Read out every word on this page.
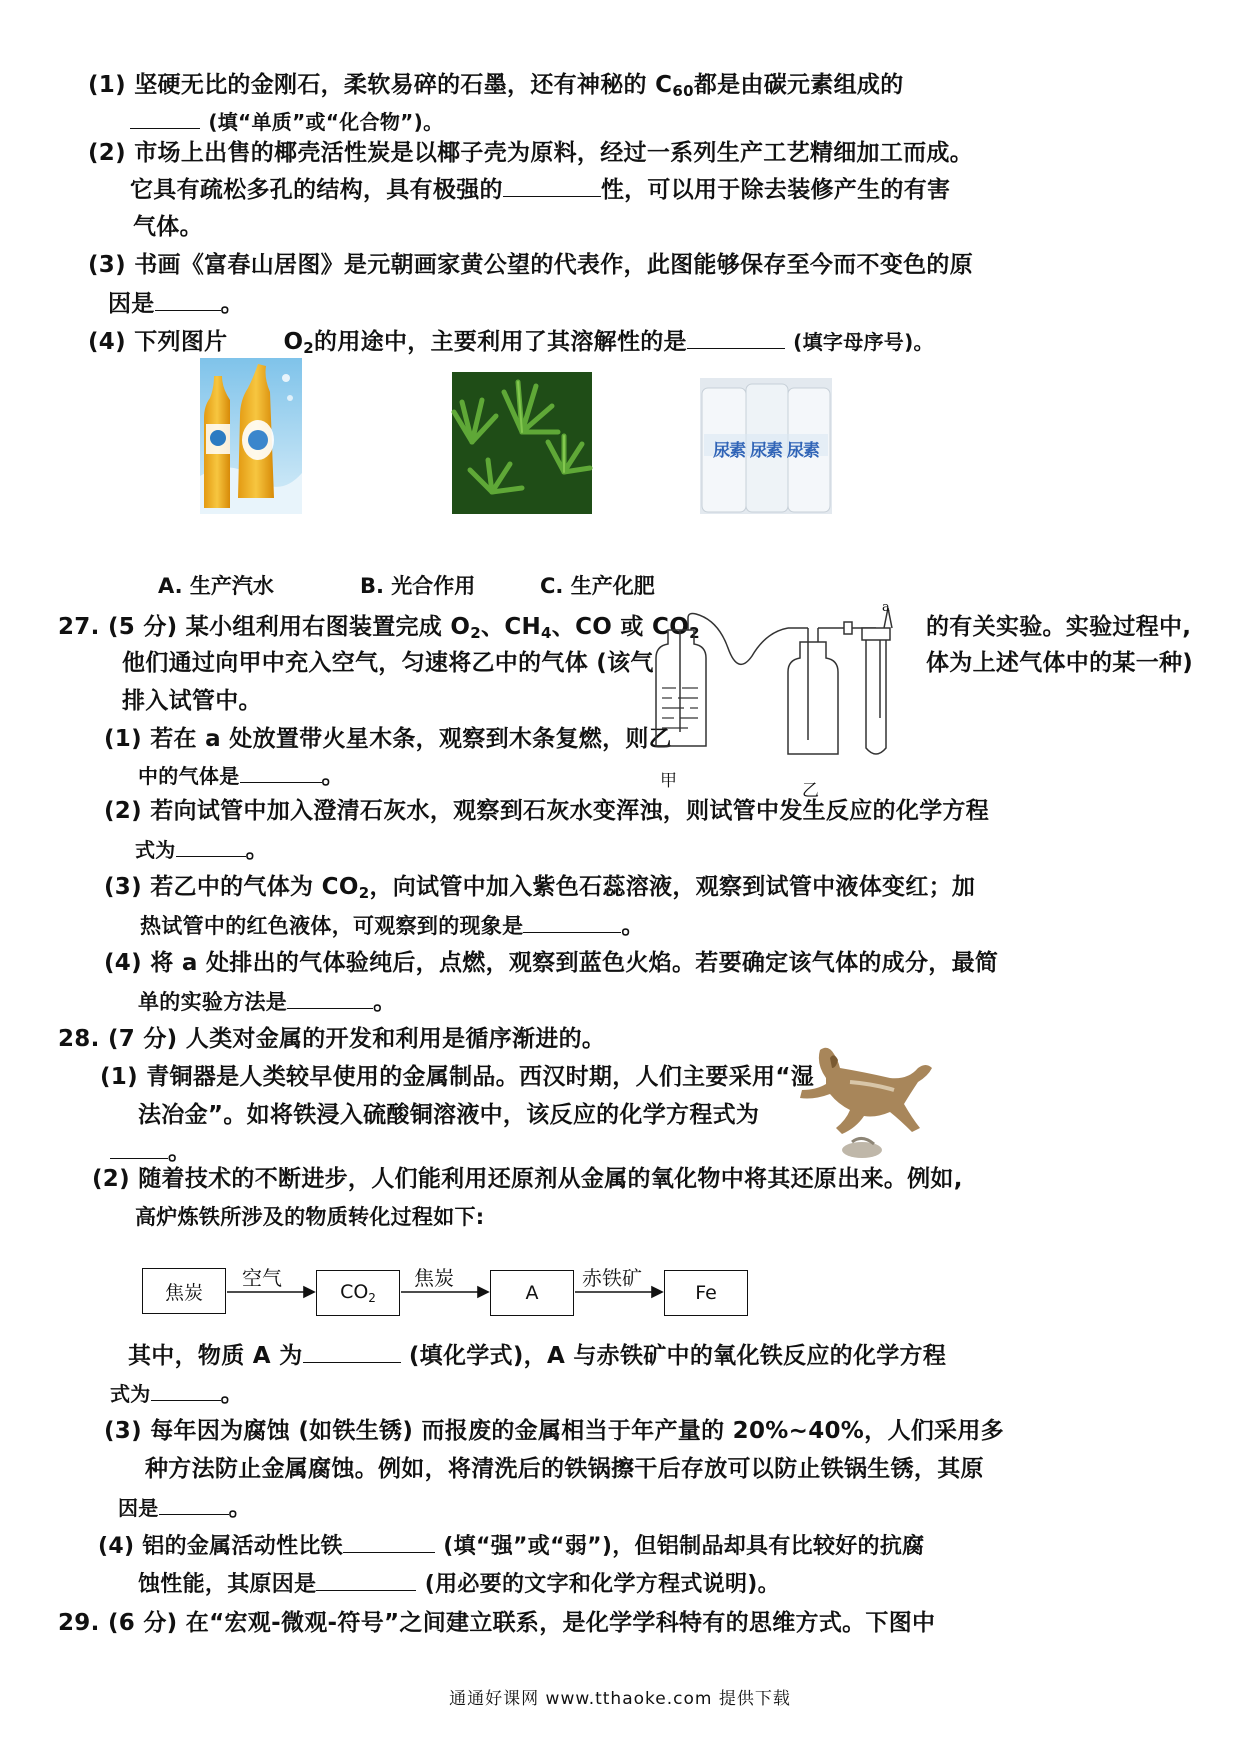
(1) 坚硬无比的金刚石，柔软易碎的石墨，还有神秘的 $C_{60}$都是由碳元素组成的
(填“单质”或“化合物”)。
(2) 市场上出售的椰壳活性炭是以椰子壳为原料，经过一系列生产工艺精细加工而成。
它具有疏松多孔的结构，具有极强的	性，可以用于除去装修产生的有害
气体。
(3) 书画《富春山居图》是元朝画家黄公望的代表作，此图能够保存至今而不变色的原
因是	。
(4) 下列图片 $O_2$的用途中，主要利用了其溶解性的是	(填字母序号)。
尿素 尿素 尿素
A. 生产汽水	B. 光合作用	C. 生产化肥
27. (5 分) 某小组利用右图装置完成 $O_2$、$CH_4$、CO 或 $CO_2$	的有关实验。实验过程中,
他们通过向甲中充入空气，匀速将乙中的气体 (该气	体为上述气体中的某一种)
排入试管中。
(1) 若在 a 处放置带火星木条，观察到木条复燃，则乙
中的气体是	。
a
甲	乙
(2) 若向试管中加入澄清石灰水，观察到石灰水变浑浊，则试管中发生反应的化学方程
式为	。
(3) 若乙中的气体为 $CO_2$，向试管中加入紫色石蕊溶液，观察到试管中液体变红；加
热试管中的红色液体，可观察到的现象是	。
(4) 将 a 处排出的气体验纯后，点燃，观察到蓝色火焰。若要确定该气体的成分，最简
单的实验方法是	。
28. (7 分) 人类对金属的开发和利用是循序渐进的。
(1) 青铜器是人类较早使用的金属制品。西汉时期，人们主要采用“湿
法冶金”。如将铁浸入硫酸铜溶液中，该反应的化学方程式为
。
(2) 随着技术的不断进步，人们能利用还原剂从金属的氧化物中将其还原出来。例如,
高炉炼铁所涉及的物质转化过程如下:
焦炭	$CO_2$	A	Fe
空气	焦炭	赤铁矿
其中，物质 A 为	(填化学式)，A 与赤铁矿中的氧化铁反应的化学方程
式为	。
(3) 每年因为腐蚀 (如铁生锈) 而报废的金属相当于年产量的 20%~40%，人们采用多
种方法防止金属腐蚀。例如，将清洗后的铁锅擦干后存放可以防止铁锅生锈，其原
因是	。
(4) 铝的金属活动性比铁	(填“强”或“弱”)，但铝制品却具有比较好的抗腐
蚀性能，其原因是	(用必要的文字和化学方程式说明)。
29. (6 分) 在“宏观-微观-符号”之间建立联系，是化学学科特有的思维方式。下图中
通通好课网 www.tthaoke.com 提供下载
